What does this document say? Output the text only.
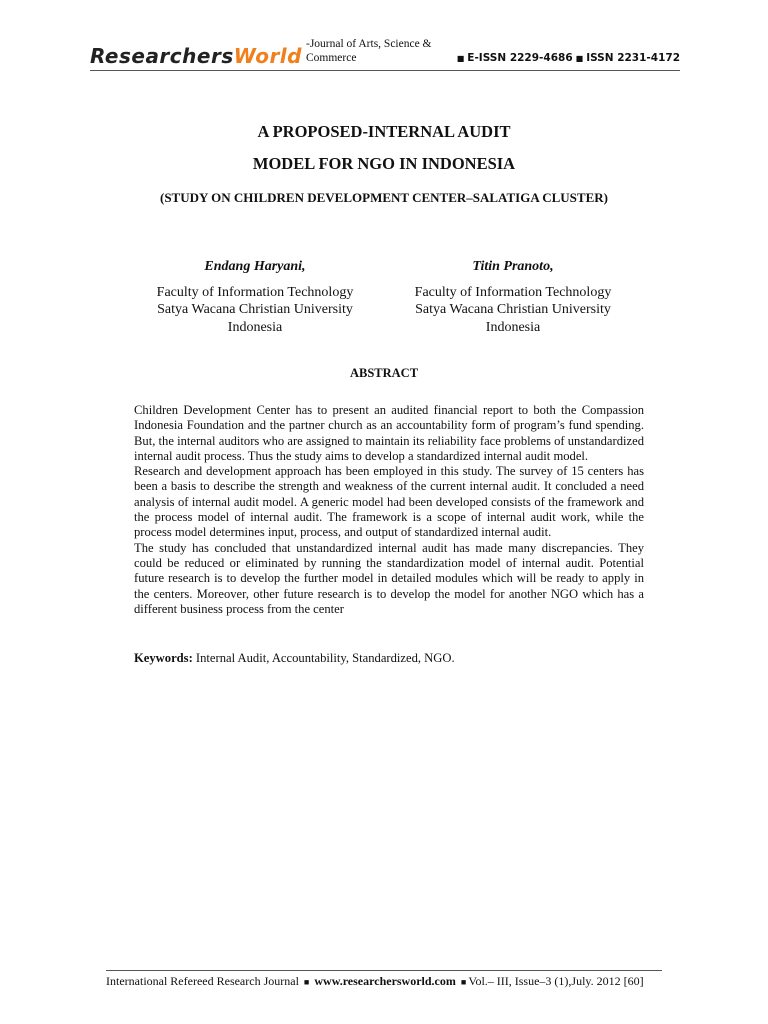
ResearchersWorld -Journal of Arts, Science & Commerce	■ E-ISSN 2229-4686 ■ ISSN 2231-4172
A PROPOSED-INTERNAL AUDIT
MODEL FOR NGO IN INDONESIA
(STUDY ON CHILDREN DEVELOPMENT CENTER–SALATIGA CLUSTER)
Endang Haryani,
Faculty of Information Technology
Satya Wacana Christian University
Indonesia
Titin Pranoto,
Faculty of Information Technology
Satya Wacana Christian University
Indonesia
ABSTRACT

Children Development Center has to present an audited financial report to both the Compassion Indonesia Foundation and the partner church as an accountability form of program’s fund spending. But, the internal auditors who are assigned to maintain its reliability face problems of unstandardized internal audit process. Thus the study aims to develop a standardized internal audit model.

Research and development approach has been employed in this study. The survey of 15 centers has been a basis to describe the strength and weakness of the current internal audit. It concluded a need analysis of internal audit model. A generic model had been developed consists of the framework and the process model of internal audit. The framework is a scope of internal audit work, while the process model determines input, process, and output of standardized internal audit.

The study has concluded that unstandardized internal audit has made many discrepancies. They could be reduced or eliminated by running the standardization model of internal audit. Potential future research is to develop the further model in detailed modules which will be ready to apply in the centers. Moreover, other future research is to develop the model for another NGO which has a different business process from the center

Keywords: Internal Audit, Accountability, Standardized, NGO.
International Refereed Research Journal ■ www.researchersworld.com ■ Vol.– III, Issue–3 (1),July. 2012 [60]
